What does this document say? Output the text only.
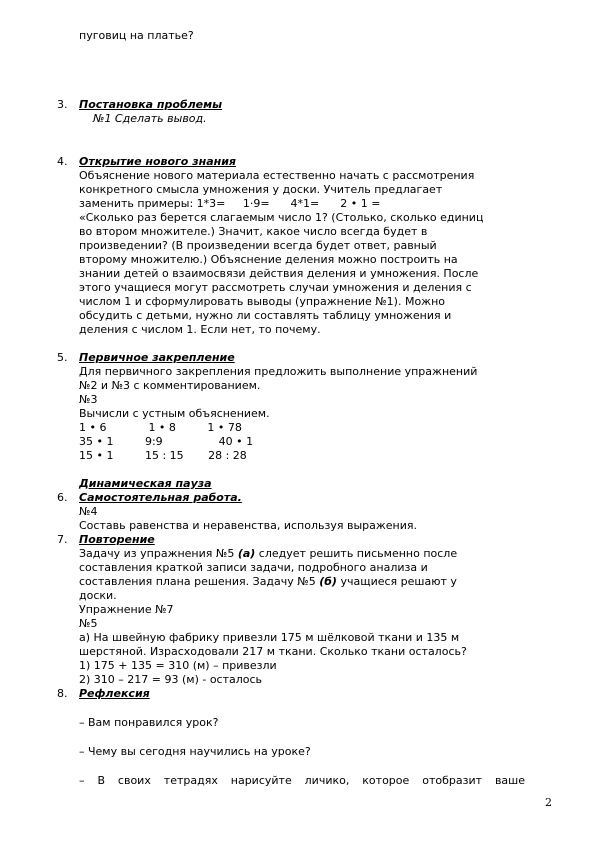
пуговиц на платье?
3. Постановка проблемы
№1 Сделать вывод.
4. Открытие нового знания
Объяснение нового материала естественно начать с рассмотрения
конкретного смысла умножения у доски. Учитель предлагает
заменить примеры: 1*3=     1·9=      4*1=      2 • 1 =
«Сколько раз берется слагаемым число 1? (Столько, сколько единиц
во втором множителе.) Значит, какое число всегда будет в
произведении? (В произведении всегда будет ответ, равный
второму множителю.) Объяснение деления можно построить на
знании детей о взаимосвязи действия деления и умножения. После
этого учащиеся могут рассмотреть случаи умножения и деления с
числом 1 и сформулировать выводы (упражнение №1). Можно
обсудить с детьми, нужно ли составлять таблицу умножения и
деления с числом 1. Если нет, то почему.
5. Первичное закрепление
Для первичного закрепления предложить выполнение упражнений
№2 и №3 с комментированием.
№3
Вычисли с устным объяснением.
1 • 6            1 • 8         1 • 78
35 • 1         9:9                40 • 1
15 • 1         15 : 15       28 : 28
Динамическая пауза
6. Самостоятельная работа.
№4
Составь равенства и неравенства, используя выражения.
7. Повторение
Задачу из упражнения №5 (а) следует решить письменно после
составления краткой записи задачи, подробного анализа и
составления плана решения. Задачу №5 (б) учащиеся решают у
доски.
Упражнение №7
№5
а) На швейную фабрику привезли 175 м шёлковой ткани и 135 м
шерстяной. Израсходовали 217 м ткани. Сколько ткани осталось?
1) 175 + 135 = 310 (м) – привезли
2) 310 – 217 = 93 (м) - осталось
8. Рефлексия
– Вам понравился урок?
– Чему вы сегодня научились на уроке?
– В своих тетрадях нарисуйте личико, которое отобразит ваше
2
